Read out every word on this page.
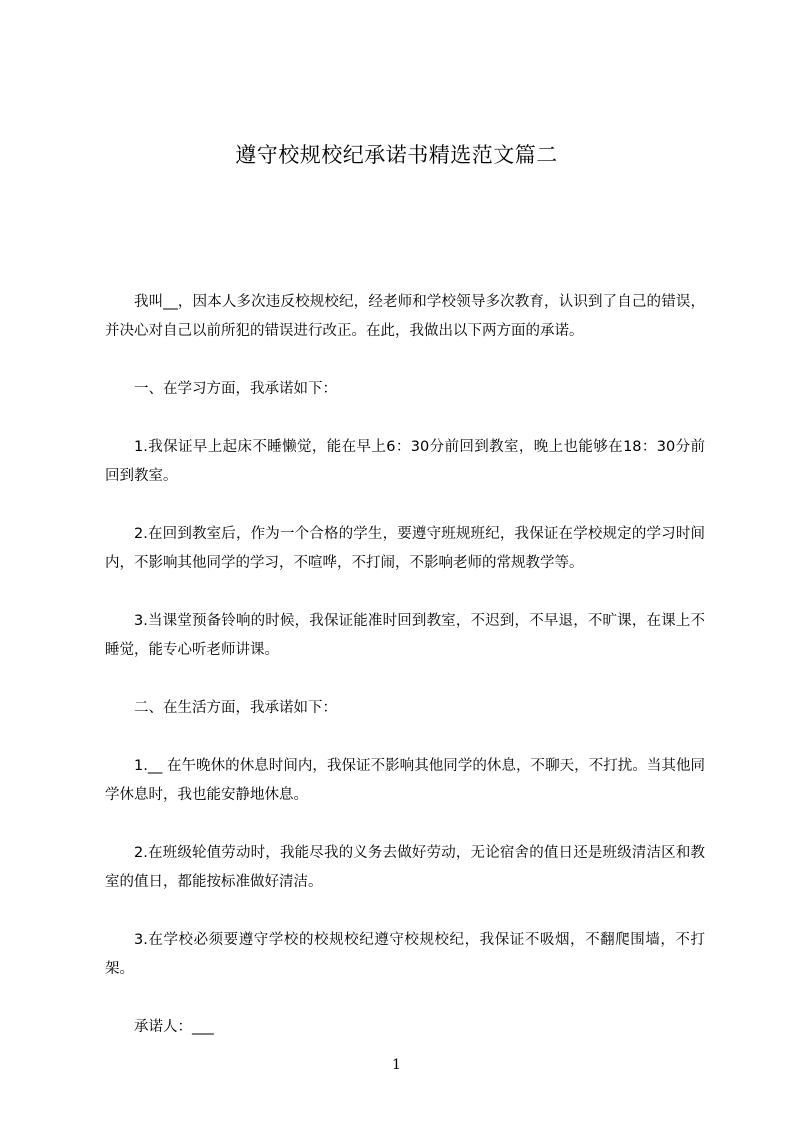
遵守校规校纪承诺书精选范文篇二

我叫__，因本人多次违反校规校纪，经老师和学校领导多次教育，认识到了自己的错误，并决心对自己以前所犯的错误进行改正。在此，我做出以下两方面的承诺。

一、在学习方面，我承诺如下：

1.我保证早上起床不睡懒觉，能在早上6：30分前回到教室，晚上也能够在18：30分前回到教室。

2.在回到教室后，作为一个合格的学生，要遵守班规班纪，我保证在学校规定的学习时间内，不影响其他同学的学习，不喧哗，不打闹，不影响老师的常规教学等。

3.当课堂预备铃响的时候，我保证能准时回到教室，不迟到，不早退，不旷课，在课上不睡觉，能专心听老师讲课。

二、在生活方面，我承诺如下：

1.__ 在午晚休的休息时间内，我保证不影响其他同学的休息，不聊天，不打扰。当其他同学休息时，我也能安静地休息。

2.在班级轮值劳动时，我能尽我的义务去做好劳动，无论宿舍的值日还是班级清洁区和教室的值日，都能按标准做好清洁。

3.在学校必须要遵守学校的校规校纪遵守校规校纪，我保证不吸烟，不翻爬围墙，不打架。

承诺人：___

1
